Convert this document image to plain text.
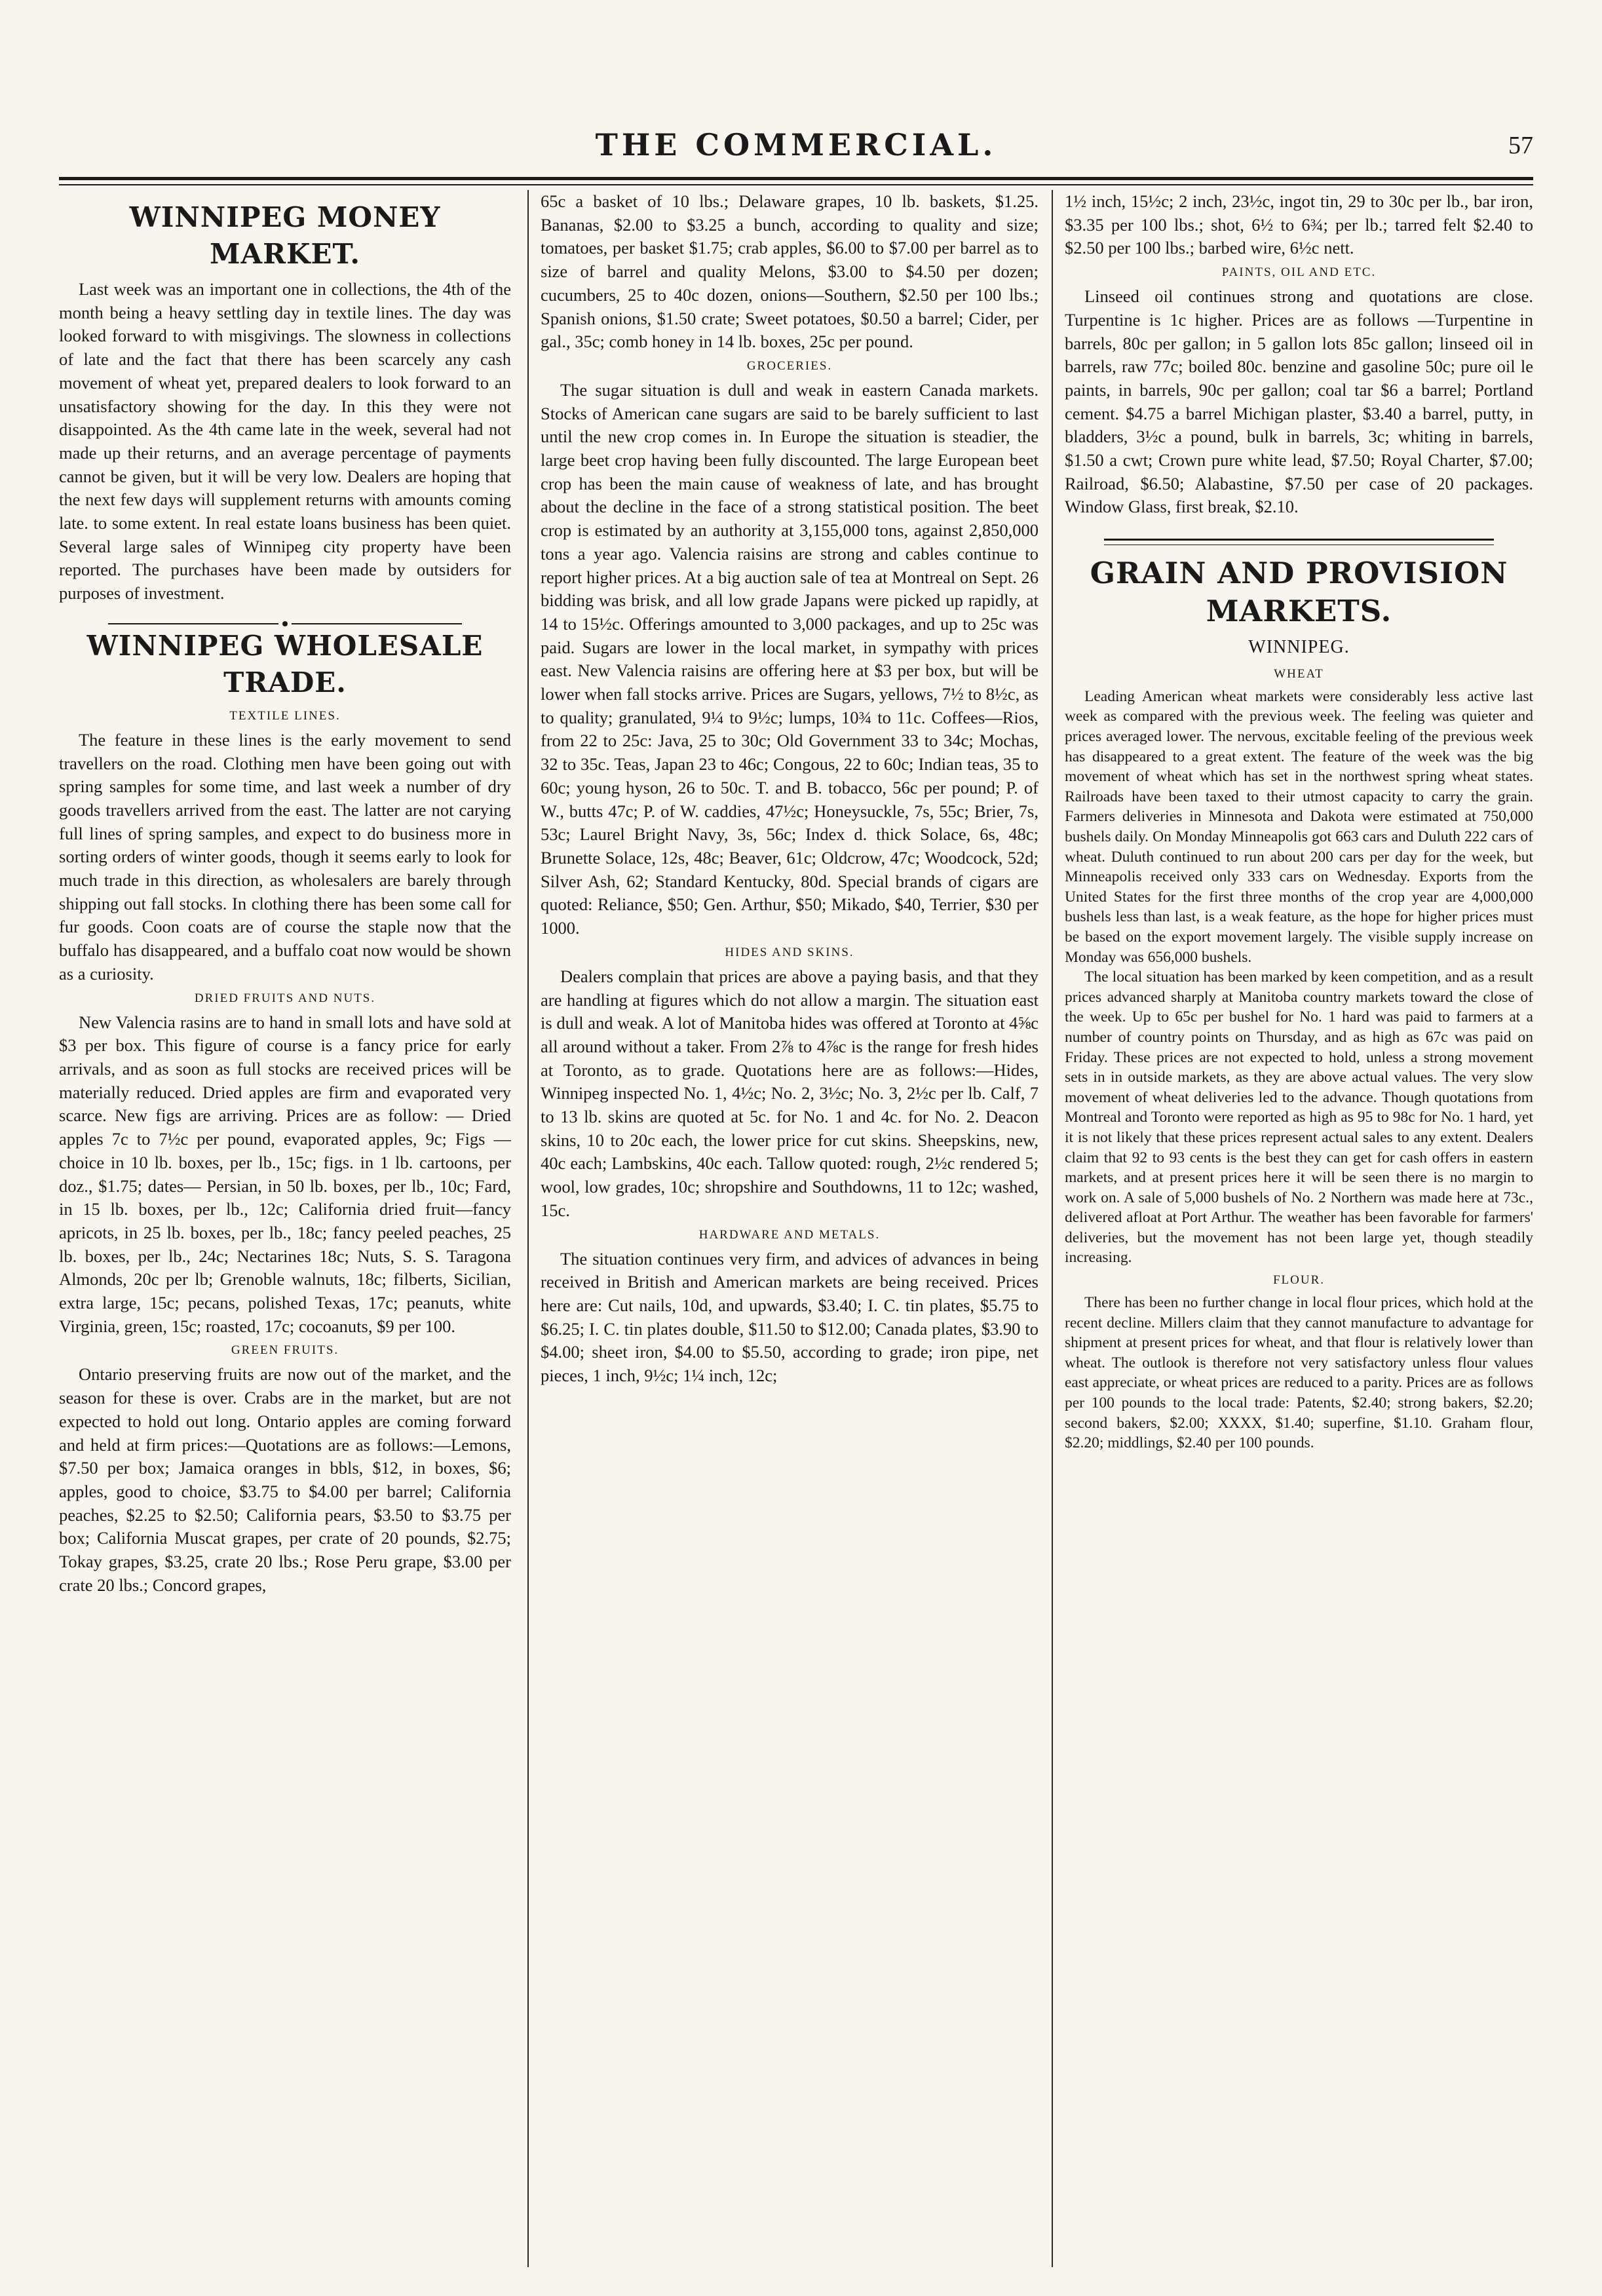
THE COMMERCIAL.	57
WINNIPEG MONEY MARKET.

Last week was an important one in collections, the 4th of the month being a heavy settling day in textile lines. The day was looked forward to with misgivings. The slowness in collections of late and the fact that there has been scarcely any cash movement of wheat yet, prepared dealers to look forward to an unsatisfactory showing for the day. In this they were not disappointed. As the 4th came late in the week, several had not made up their returns, and an average percentage of payments cannot be given, but it will be very low. Dealers are hoping that the next few days will supplement returns with amounts coming late. to some extent. In real estate loans business has been quiet. Several large sales of Winnipeg city property have been reported. The purchases have been made by outsiders for purposes of investment.

WINNIPEG WHOLESALE TRADE.
TEXTILE LINES.

The feature in these lines is the early movement to send travellers on the road. Clothing men have been going out with spring samples for some time, and last week a number of dry goods travellers arrived from the east. The latter are not carying full lines of spring samples, and expect to do business more in sorting orders of winter goods, though it seems early to look for much trade in this direction, as wholesalers are barely through shipping out fall stocks. In clothing there has been some call for fur goods. Coon coats are of course the staple now that the buffalo has disappeared, and a buffalo coat now would be shown as a curiosity.

DRIED FRUITS AND NUTS.

New Valencia rasins are to hand in small lots and have sold at $3 per box. This figure of course is a fancy price for early arrivals, and as soon as full stocks are received prices will be materially reduced. Dried apples are firm and evaporated very scarce. New figs are arriving. Prices are as follow: — Dried apples 7c to 7½c per pound, evaporated apples, 9c; Figs —choice in 10 lb. boxes, per lb., 15c; figs. in 1 lb. cartoons, per doz., $1.75; dates— Persian, in 50 lb. boxes, per lb., 10c; Fard, in 15 lb. boxes, per lb., 12c; California dried fruit—fancy apricots, in 25 lb. boxes, per lb., 18c; fancy peeled peaches, 25 lb. boxes, per lb., 24c; Nectarines 18c; Nuts, S. S. Taragona Almonds, 20c per lb; Grenoble walnuts, 18c; filberts, Sicilian, extra large, 15c; pecans, polished Texas, 17c; peanuts, white Virginia, green, 15c; roasted, 17c; cocoanuts, $9 per 100.

GREEN FRUITS.

Ontario preserving fruits are now out of the market, and the season for these is over. Crabs are in the market, but are not expected to hold out long. Ontario apples are coming forward and held at firm prices:—Quotations are as follows:—Lemons, $7.50 per box; Jamaica oranges in bbls, $12, in boxes, $6; apples, good to choice, $3.75 to $4.00 per barrel; California peaches, $2.25 to $2.50; California pears, $3.50 to $3.75 per box; California Muscat grapes, per crate of 20 pounds, $2.75; Tokay grapes, $3.25, crate 20 lbs.; Rose Peru grape, $3.00 per crate 20 lbs.; Concord grapes,

65c a basket of 10 lbs.; Delaware grapes, 10 lb. baskets, $1.25. Bananas, $2.00 to $3.25 a bunch, according to quality and size; tomatoes, per basket $1.75; crab apples, $6.00 to $7.00 per barrel as to size of barrel and quality Melons, $3.00 to $4.50 per dozen; cucumbers, 25 to 40c dozen, onions—Southern, $2.50 per 100 lbs.; Spanish onions, $1.50 crate; Sweet potatoes, $0.50 a barrel; Cider, per gal., 35c; comb honey in 14 lb. boxes, 25c per pound.

GROCERIES.

The sugar situation is dull and weak in eastern Canada markets. Stocks of American cane sugars are said to be barely sufficient to last until the new crop comes in. In Europe the situation is steadier, the large beet crop having been fully discounted. The large European beet crop has been the main cause of weakness of late, and has brought about the decline in the face of a strong statistical position. The beet crop is estimated by an authority at 3,155,000 tons, against 2,850,000 tons a year ago. Valencia raisins are strong and cables continue to report higher prices. At a big auction sale of tea at Montreal on Sept. 26 bidding was brisk, and all low grade Japans were picked up rapidly, at 14 to 15½c. Offerings amounted to 3,000 packages, and up to 25c was paid. Sugars are lower in the local market, in sympathy with prices east. New Valencia raisins are offering here at $3 per box, but will be lower when fall stocks arrive. Prices are Sugars, yellows, 7½ to 8½c, as to quality; granulated, 9¼ to 9½c; lumps, 10¾ to 11c. Coffees—Rios, from 22 to 25c: Java, 25 to 30c; Old Government 33 to 34c; Mochas, 32 to 35c. Teas, Japan 23 to 46c; Congous, 22 to 60c; Indian teas, 35 to 60c; young hyson, 26 to 50c. T. and B. tobacco, 56c per pound; P. of W., butts 47c; P. of W. caddies, 47½c; Honeysuckle, 7s, 55c; Brier, 7s, 53c; Laurel Bright Navy, 3s, 56c; Index d. thick Solace, 6s, 48c; Brunette Solace, 12s, 48c; Beaver, 61c; Oldcrow, 47c; Woodcock, 52d; Silver Ash, 62; Standard Kentucky, 80d. Special brands of cigars are quoted: Reliance, $50; Gen. Arthur, $50; Mikado, $40, Terrier, $30 per 1000.

HIDES AND SKINS.

Dealers complain that prices are above a paying basis, and that they are handling at figures which do not allow a margin. The situation east is dull and weak. A lot of Manitoba hides was offered at Toronto at 4⅝c all around without a taker. From 2⅞ to 4⅞c is the range for fresh hides at Toronto, as to grade. Quotations here are as follows:—Hides, Winnipeg inspected No. 1, 4½c; No. 2, 3½c; No. 3, 2½c per lb. Calf, 7 to 13 lb. skins are quoted at 5c. for No. 1 and 4c. for No. 2. Deacon skins, 10 to 20c each, the lower price for cut skins. Sheepskins, new, 40c each; Lambskins, 40c each. Tallow quoted: rough, 2½c rendered 5; wool, low grades, 10c; shropshire and Southdowns, 11 to 12c; washed, 15c.

HARDWARE AND METALS.

The situation continues very firm, and advices of advances in being received in British and American markets are being received. Prices here are: Cut nails, 10d, and upwards, $3.40; I. C. tin plates, $5.75 to $6.25; I. C. tin plates double, $11.50 to $12.00; Canada plates, $3.90 to $4.00; sheet iron, $4.00 to $5.50, according to grade; iron pipe, net pieces, 1 inch, 9½c; 1¼ inch, 12c;

1½ inch, 15½c; 2 inch, 23½c, ingot tin, 29 to 30c per lb., bar iron, $3.35 per 100 lbs.; shot, 6½ to 6¾; per lb.; tarred felt $2.40 to $2.50 per 100 lbs.; barbed wire, 6½c nett.

PAINTS, OIL AND ETC.

Linseed oil continues strong and quotations are close. Turpentine is 1c higher. Prices are as follows —Turpentine in barrels, 80c per gallon; in 5 gallon lots 85c gallon; linseed oil in barrels, raw 77c; boiled 80c. benzine and gasoline 50c; pure oil le paints, in barrels, 90c per gallon; coal tar $6 a barrel; Portland cement. $4.75 a barrel Michigan plaster, $3.40 a barrel, putty, in bladders, 3½c a pound, bulk in barrels, 3c; whiting in barrels, $1.50 a cwt; Crown pure white lead, $7.50; Royal Charter, $7.00; Railroad, $6.50; Alabastine, $7.50 per case of 20 packages. Window Glass, first break, $2.10.

GRAIN AND PROVISION MARKETS.
WINNIPEG.
WHEAT

Leading American wheat markets were considerably less active last week as compared with the previous week. The feeling was quieter and prices averaged lower. The nervous, excitable feeling of the previous week has disappeared to a great extent. The feature of the week was the big movement of wheat which has set in the northwest spring wheat states. Railroads have been taxed to their utmost capacity to carry the grain. Farmers deliveries in Minnesota and Dakota were estimated at 750,000 bushels daily. On Monday Minneapolis got 663 cars and Duluth 222 cars of wheat. Duluth continued to run about 200 cars per day for the week, but Minneapolis received only 333 cars on Wednesday. Exports from the United States for the first three months of the crop year are 4,000,000 bushels less than last, is a weak feature, as the hope for higher prices must be based on the export movement largely. The visible supply increase on Monday was 656,000 bushels.

The local situation has been marked by keen competition, and as a result prices advanced sharply at Manitoba country markets toward the close of the week. Up to 65c per bushel for No. 1 hard was paid to farmers at a number of country points on Thursday, and as high as 67c was paid on Friday. These prices are not expected to hold, unless a strong movement sets in in outside markets, as they are above actual values. The very slow movement of wheat deliveries led to the advance. Though quotations from Montreal and Toronto were reported as high as 95 to 98c for No. 1 hard, yet it is not likely that these prices represent actual sales to any extent. Dealers claim that 92 to 93 cents is the best they can get for cash offers in eastern markets, and at present prices here it will be seen there is no margin to work on. A sale of 5,000 bushels of No. 2 Northern was made here at 73c., delivered afloat at Port Arthur. The weather has been favorable for farmers' deliveries, but the movement has not been large yet, though steadily increasing.

FLOUR.

There has been no further change in local flour prices, which hold at the recent decline. Millers claim that they cannot manufacture to advantage for shipment at present prices for wheat, and that flour is relatively lower than wheat. The outlook is therefore not very satisfactory unless flour values east appreciate, or wheat prices are reduced to a parity. Prices are as follows per 100 pounds to the local trade: Patents, $2.40; strong bakers, $2.20; second bakers, $2.00; XXXX, $1.40; superfine, $1.10. Graham flour, $2.20; middlings, $2.40 per 100 pounds.
